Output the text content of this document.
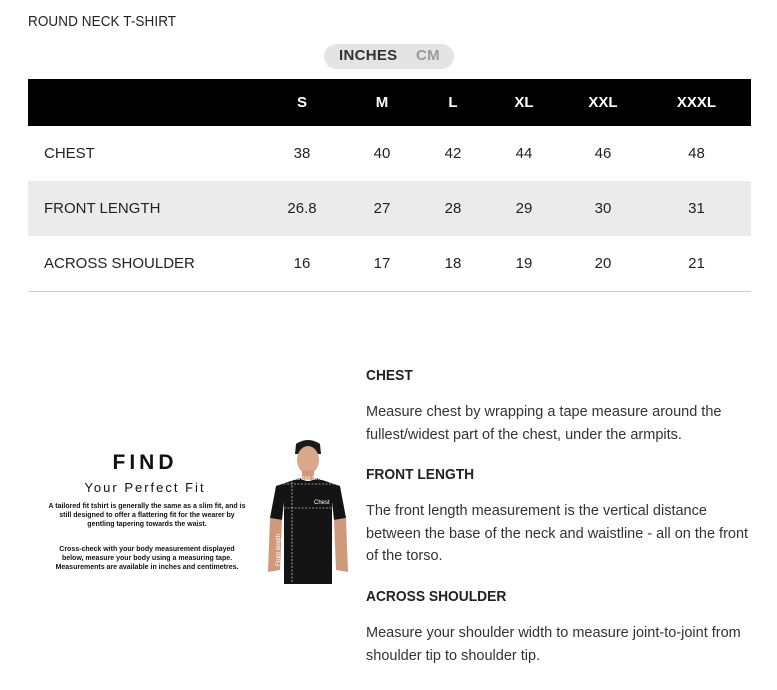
ROUND NECK T-SHIRT
INCHES CM
	S	M	L	XL	XXL	XXXL
CHEST	38	40	42	44	46	48
FRONT LENGTH	26.8	27	28	29	30	31
ACROSS SHOULDER	16	17	18	19	20	21
FIND
Your Perfect Fit
A tailored fit tshirt is generally the same as a slim fit, and is still designed to offer a flattering fit for the wearer by gentling tapering towards the waist.
Cross-check with your body measurement displayed below, measure your body using a measuring tape. Measurements are available in inches and centimetres.
Across Shoulder
Chest
Front length
CHEST
Measure chest by wrapping a tape measure around the fullest/widest part of the chest, under the armpits.
FRONT LENGTH
The front length measurement is the vertical distance between the base of the neck and waistline - all on the front of the torso.
ACROSS SHOULDER
Measure your shoulder width to measure joint-to-joint from shoulder tip to shoulder tip.
